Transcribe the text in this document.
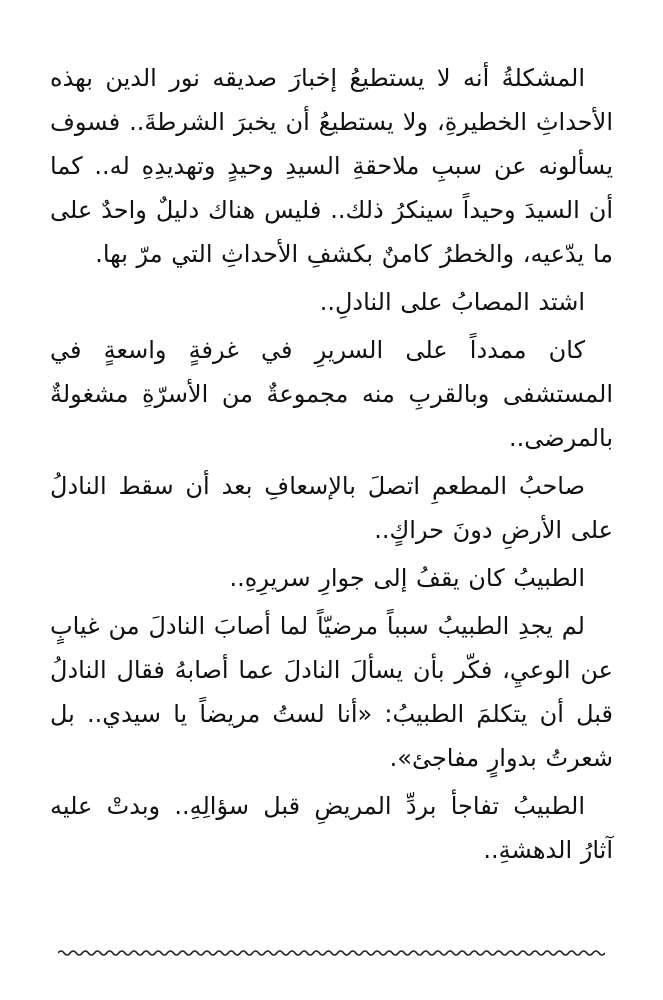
المشكلةُ أنه لا يستطيعُ إخبارَ صديقه نور الدين بهذه الأحداثِ الخطيرةِ، ولا يستطيعُ أن يخبرَ الشرطةَ.. فسوف يسألونه عن سببِ ملاحقةِ السيدِ وحيدٍ وتهديدِهِ له.. كما أن السيدَ وحيداً سينكرُ ذلك.. فليس هناك دليلٌ واحدٌ على ما يدّعيه، والخطرُ كامنٌ بكشفِ الأحداثِ التي مرّ بها.

اشتد المصابُ على النادلِ..

كان ممدداً على السريرِ في غرفةٍ واسعةٍ في المستشفى وبالقربِ منه مجموعةٌ من الأسرّةِ مشغولةٌ بالمرضى..

صاحبُ المطعمِ اتصلَ بالإسعافِ بعد أن سقط النادلُ على الأرضِ دونَ حراكٍ..

الطبيبُ كان يقفُ إلى جوارِ سريرِهِ..

لم يجدِ الطبيبُ سبباً مرضيّاً لما أصابَ النادلَ من غيابٍ عن الوعيِ، فكّر بأن يسألَ النادلَ عما أصابهُ فقال النادلُ قبل أن يتكلمَ الطبيبُ: «أنا لستُ مريضاً يا سيدي.. بل شعرتُ بدوارٍ مفاجئ».

الطبيبُ تفاجأ بردِّ المريضِ قبل سؤالِهِ.. وبدتْ عليه آثارُ الدهشةِ..
